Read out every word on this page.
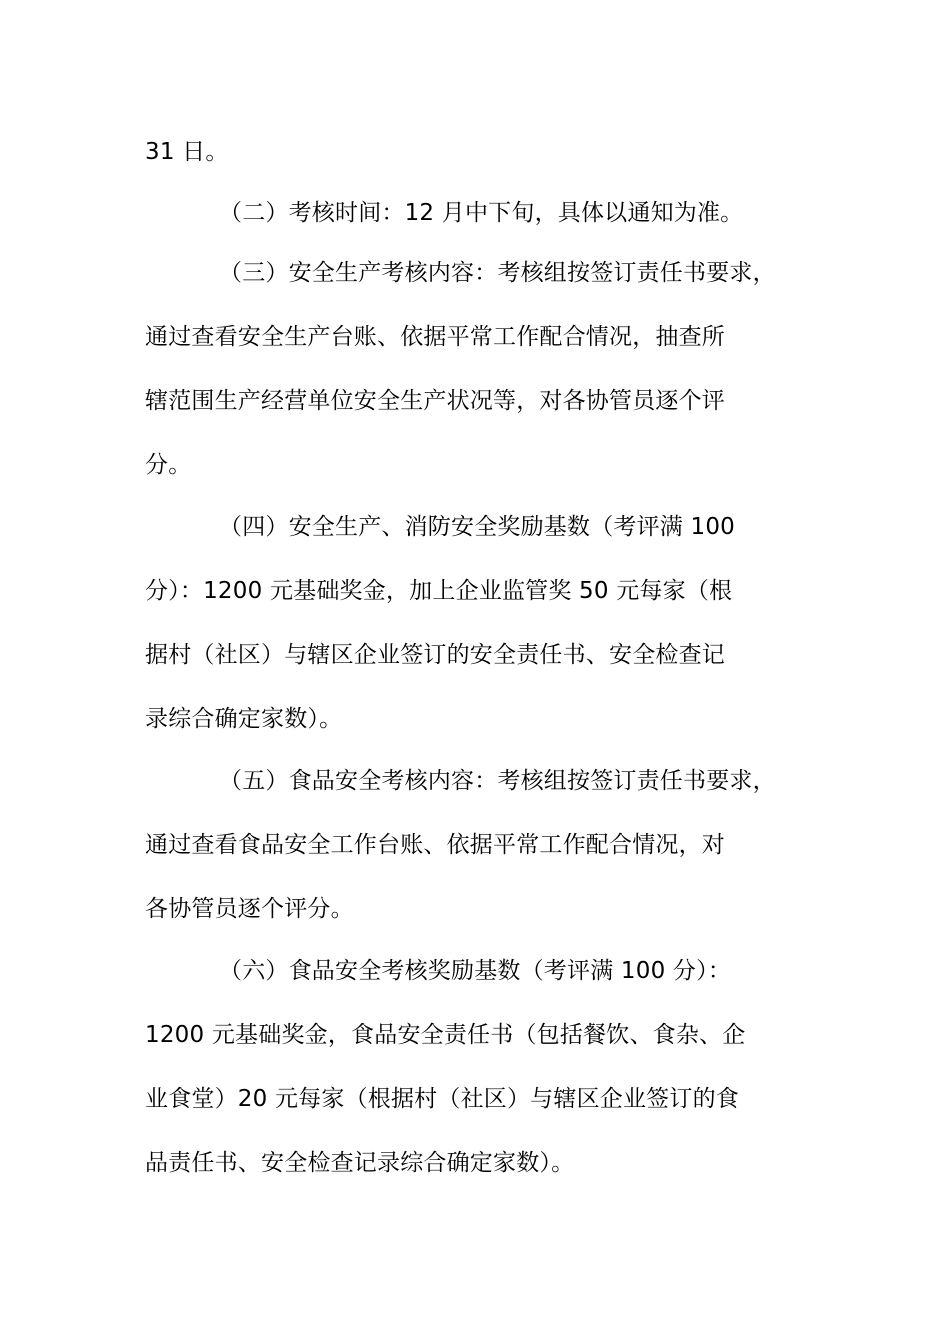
31 日。
（二）考核时间：12 月中下旬，具体以通知为准。
（三）安全生产考核内容：考核组按签订责任书要求，
通过查看安全生产台账、依据平常工作配合情况，抽查所
辖范围生产经营单位安全生产状况等，对各协管员逐个评
分。
（四）安全生产、消防安全奖励基数（考评满 100
分）：1200 元基础奖金，加上企业监管奖 50 元每家（根
据村（社区）与辖区企业签订的安全责任书、安全检查记
录综合确定家数）。
（五）食品安全考核内容：考核组按签订责任书要求，
通过查看食品安全工作台账、依据平常工作配合情况，对
各协管员逐个评分。
（六）食品安全考核奖励基数（考评满 100 分）：
1200 元基础奖金，食品安全责任书（包括餐饮、食杂、企
业食堂）20 元每家（根据村（社区）与辖区企业签订的食
品责任书、安全检查记录综合确定家数）。
